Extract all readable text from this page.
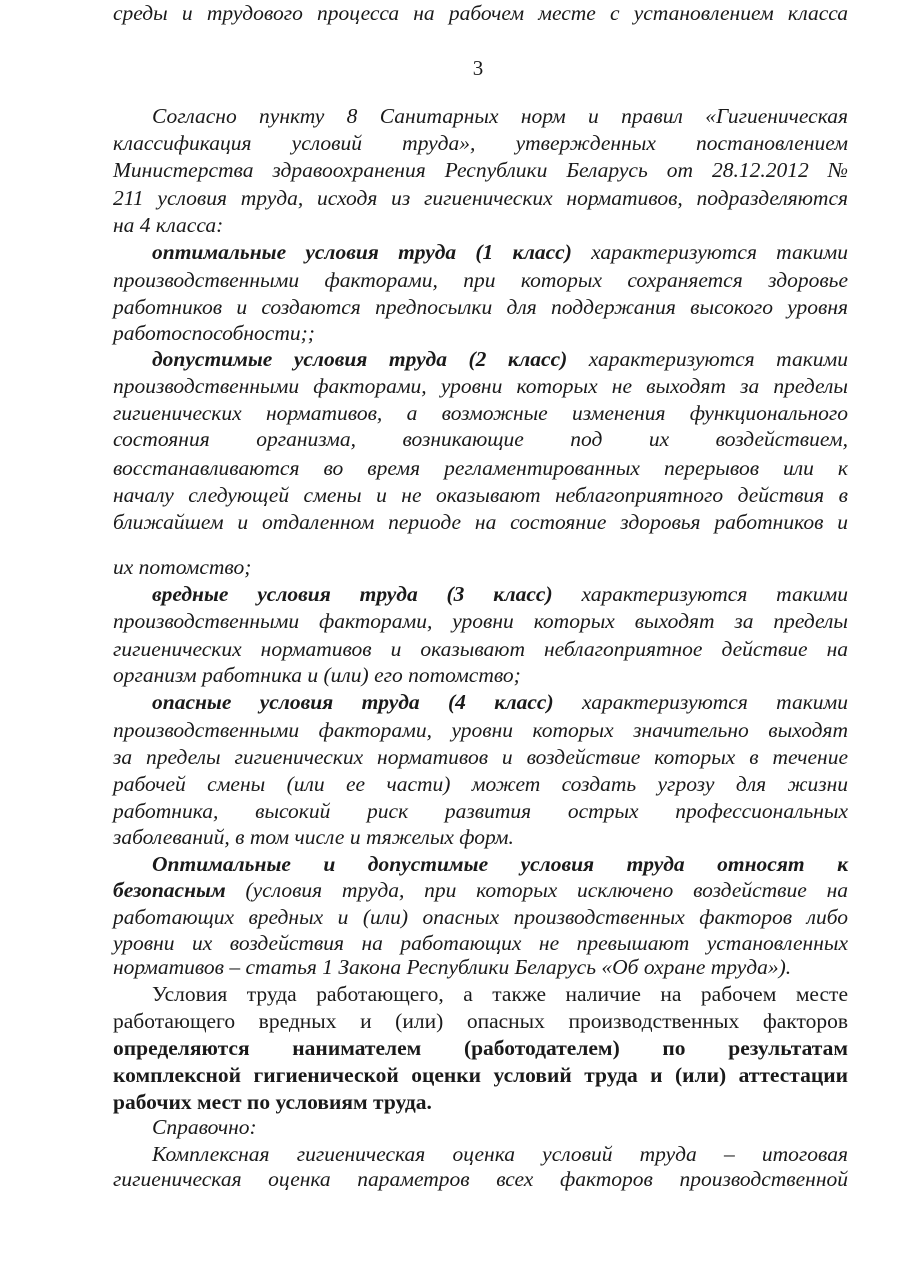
3
Согласно пункту 8 Санитарных норм и правил «Гигиеническая
классификация условий труда», утвержденных постановлением
Министерства здравоохранения Республики Беларусь от 28.12.2012 №
211 условия труда, исходя из гигиенических нормативов, подразделяются
на 4 класса:
оптимальные условия труда (1 класс) характеризуются такими
производственными факторами, при которых сохраняется здоровье
работников и создаются предпосылки для поддержания высокого уровня
работоспособности;;
допустимые условия труда (2 класс) характеризуются такими
производственными факторами, уровни которых не выходят за пределы
гигиенических нормативов, а возможные изменения функционального
состояния организма, возникающие под их воздействием,
восстанавливаются во время регламентированных перерывов или к
началу следующей смены и не оказывают неблагоприятного действия в
ближайшем и отдаленном периоде на состояние здоровья работников и
их потомство;
вредные условия труда (3 класс) характеризуются такими
производственными факторами, уровни которых выходят за пределы
гигиенических нормативов и оказывают неблагоприятное действие на
организм работника и (или) его потомство;
опасные условия труда (4 класс) характеризуются такими
производственными факторами, уровни которых значительно выходят
за пределы гигиенических нормативов и воздействие которых в течение
рабочей смены (или ее части) может создать угрозу для жизни
работника, высокий риск развития острых профессиональных
заболеваний, в том числе и тяжелых форм.
Оптимальные и допустимые условия труда относят к
безопасным (условия труда, при которых исключено воздействие на
работающих вредных и (или) опасных производственных факторов либо
уровни их воздействия на работающих не превышают установленных
нормативов – статья 1 Закона Республики Беларусь «Об охране труда»).
Условия труда работающего, а также наличие на рабочем месте
работающего вредных и (или) опасных производственных факторов
определяются нанимателем (работодателем) по результатам
комплексной гигиенической оценки условий труда и (или) аттестации
рабочих мест по условиям труда.
Справочно:
Комплексная гигиеническая оценка условий труда – итоговая
гигиеническая оценка параметров всех факторов производственной
среды и трудового процесса на рабочем месте с установлением класса
